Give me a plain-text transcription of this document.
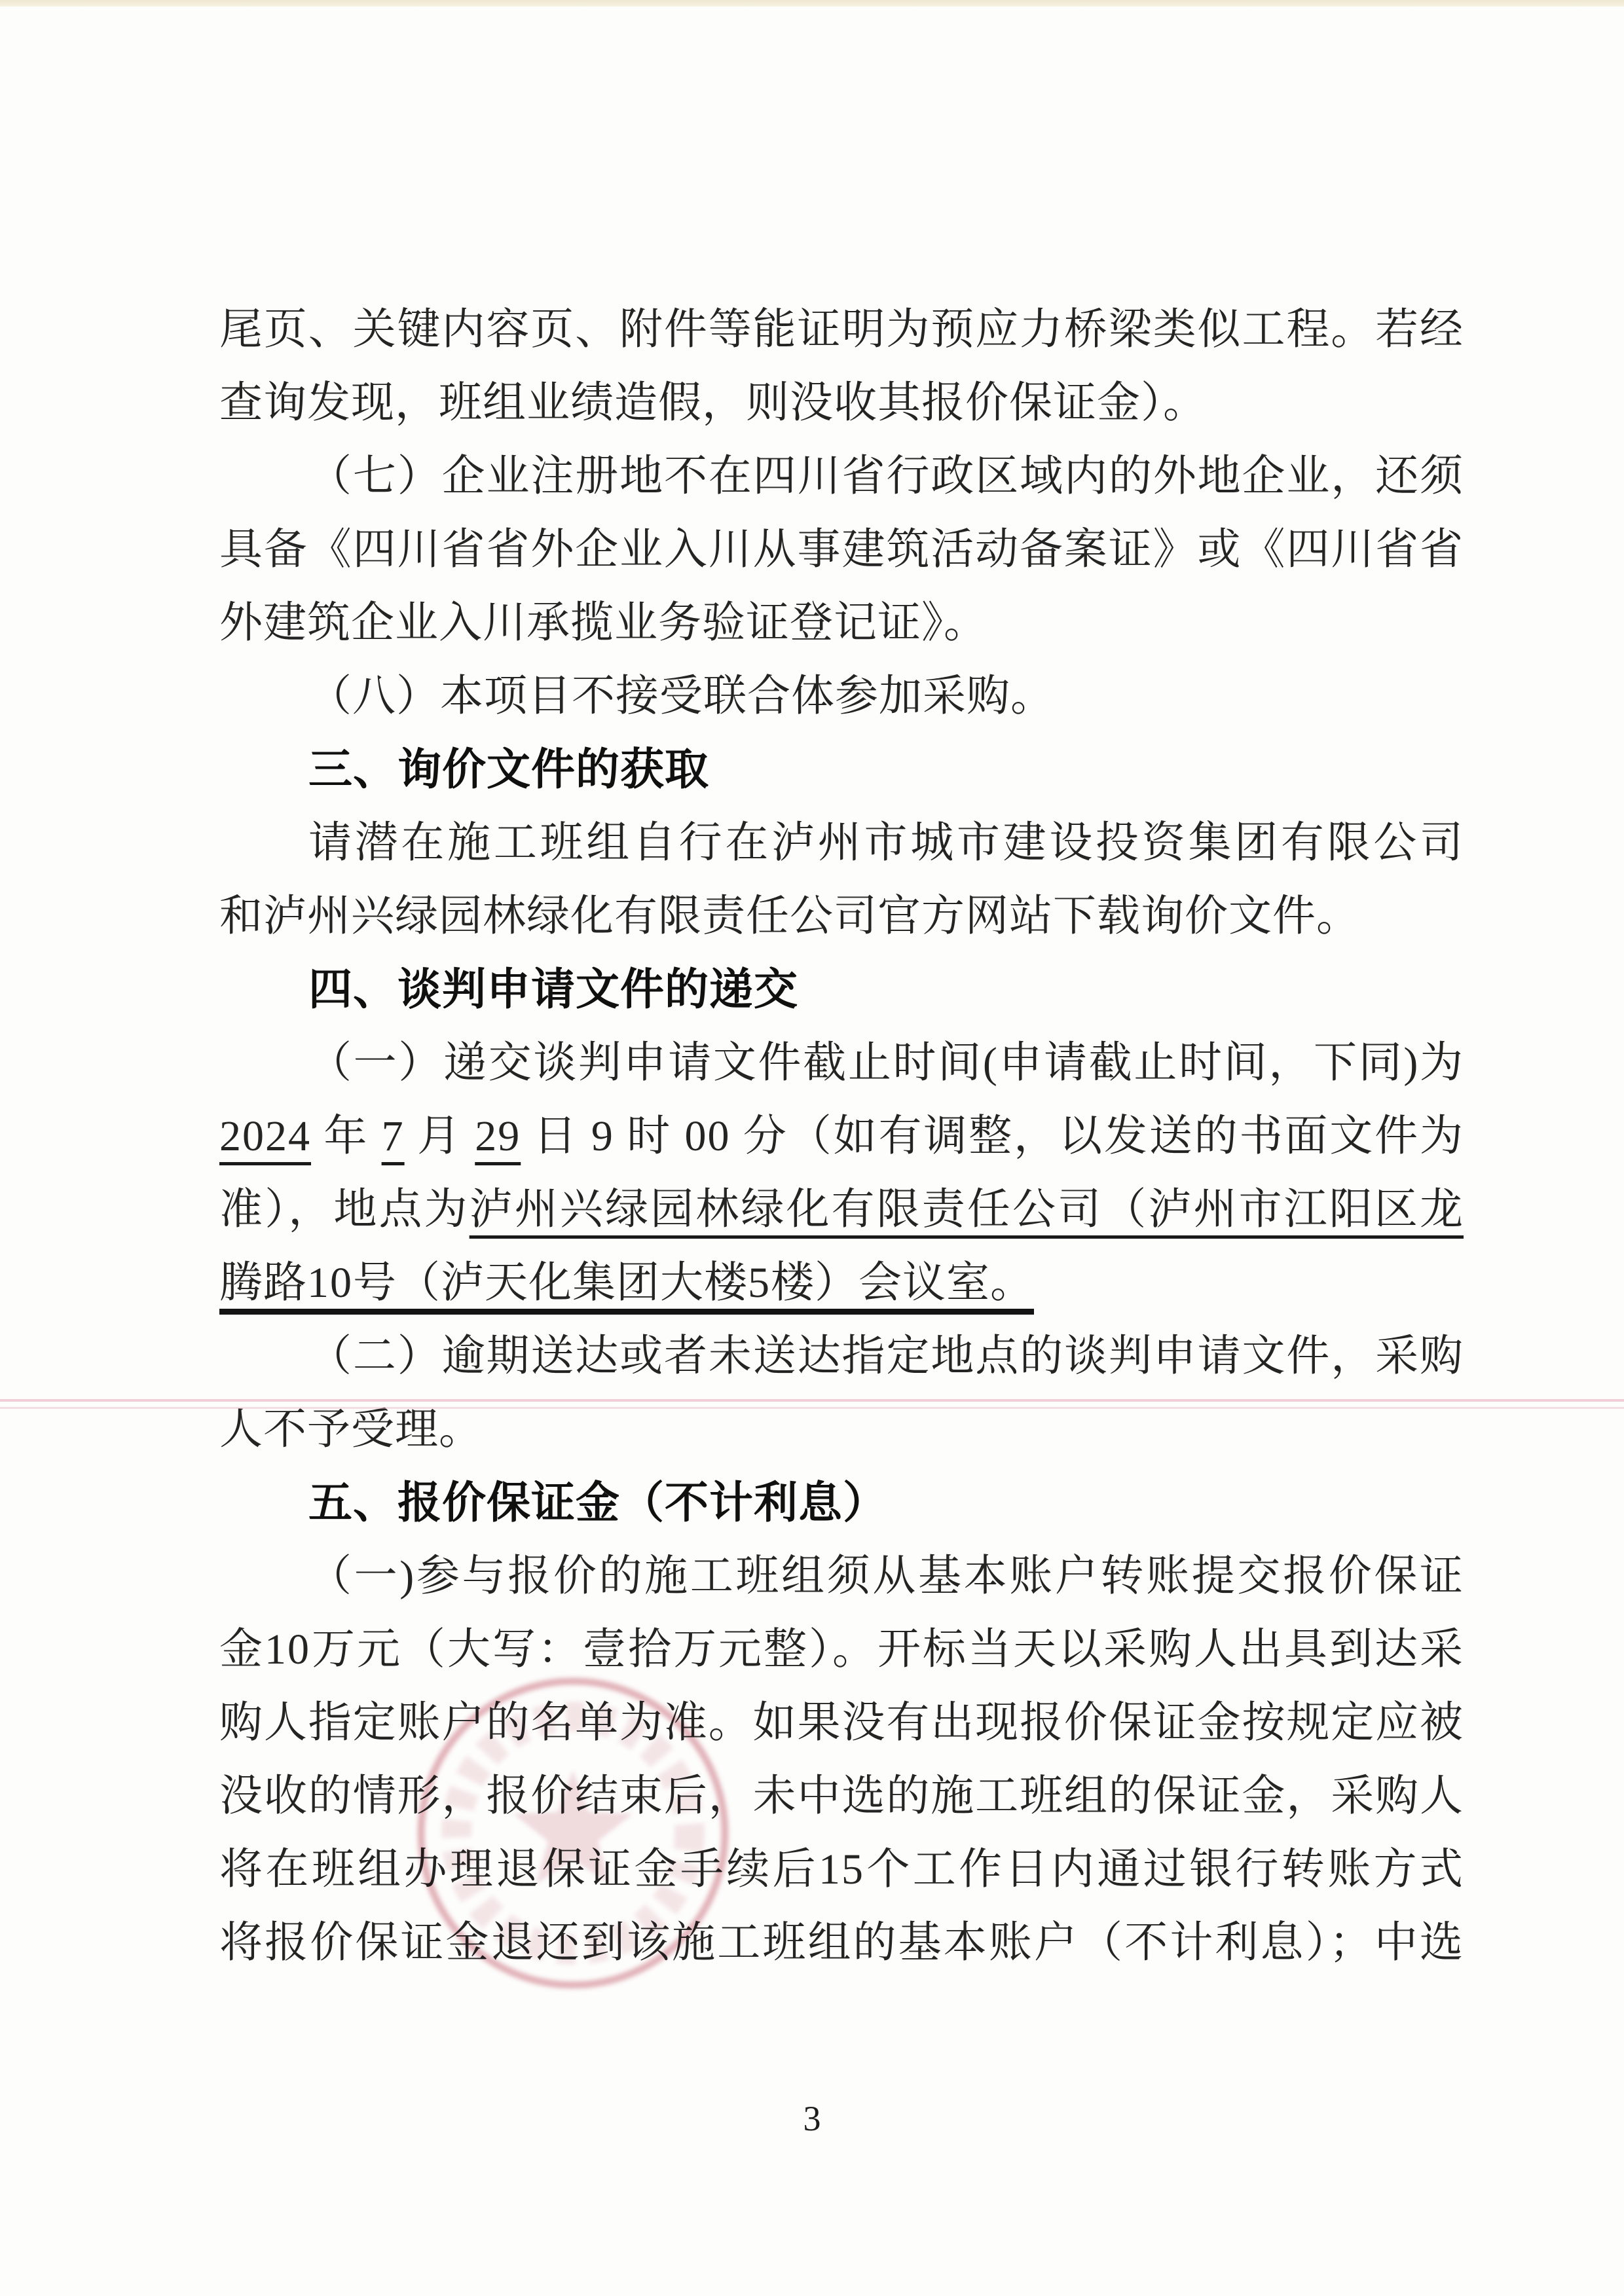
尾页、关键内容页、附件等能证明为预应力桥梁类似工程。若经
查询发现，班组业绩造假，则没收其报价保证金）。
（七）企业注册地不在四川省行政区域内的外地企业，还须
具备《四川省省外企业入川从事建筑活动备案证》或《四川省省
外建筑企业入川承揽业务验证登记证》。
（八）本项目不接受联合体参加采购。
三、询价文件的获取
请潜在施工班组自行在泸州市城市建设投资集团有限公司
和泸州兴绿园林绿化有限责任公司官方网站下载询价文件。
四、谈判申请文件的递交
（一）递交谈判申请文件截止时间(申请截止时间，下同)为
2024 年 7 月 29 日 9 时 00 分（如有调整，以发送的书面文件为
准），地点为泸州兴绿园林绿化有限责任公司（泸州市江阳区龙
腾路10号（泸天化集团大楼5楼）会议室。
（二）逾期送达或者未送达指定地点的谈判申请文件，采购
人不予受理。
五、报价保证金（不计利息）
（一)参与报价的施工班组须从基本账户转账提交报价保证
金10万元（大写：壹拾万元整）。开标当天以采购人出具到达采
购人指定账户的名单为准。如果没有出现报价保证金按规定应被
没收的情形，报价结束后，未中选的施工班组的保证金，采购人
将在班组办理退保证金手续后15个工作日内通过银行转账方式
将报价保证金退还到该施工班组的基本账户（不计利息）；中选
3
